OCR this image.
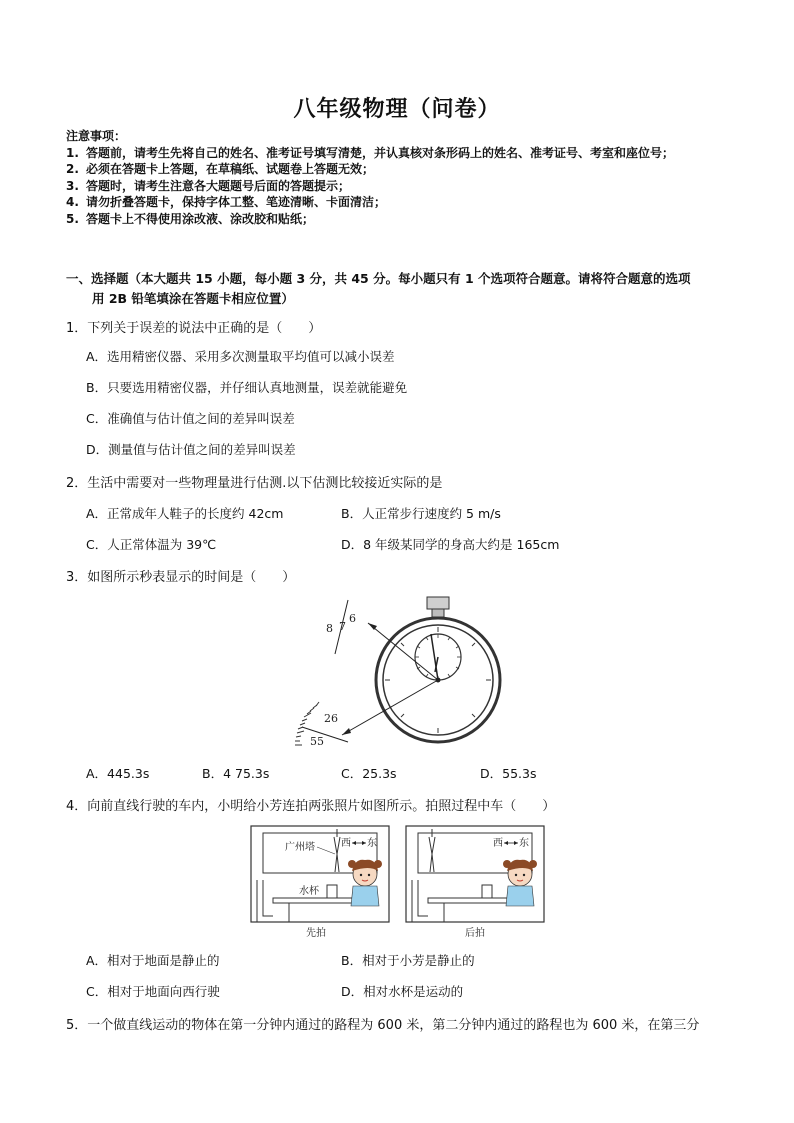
八年级物理（问卷）
注意事项：
1. 答题前，请考生先将自己的姓名、准考证号填写清楚，并认真核对条形码上的姓名、准考证号、考室和座位号；
2. 必须在答题卡上答题，在草稿纸、试题卷上答题无效；
3. 答题时，请考生注意各大题题号后面的答题提示；
4. 请勿折叠答题卡，保持字体工整、笔迹清晰、卡面清洁；
5. 答题卡上不得使用涂改液、涂改胶和贴纸；
一、选择题（本大题共 15 小题，每小题 3 分，共 45 分。每小题只有 1 个选项符合题意。请将符合题意的选项
用 2B 铅笔填涂在答题卡相应位置）
1．下列关于误差的说法中正确的是（　　）
A．选用精密仪器、采用多次测量取平均值可以减小误差
B．只要选用精密仪器，并仔细认真地测量，误差就能避免
C．准确值与估计值之间的差异叫误差
D．测量值与估计值之间的差异叫误差
2．生活中需要对一些物理量进行估测.以下估测比较接近实际的是
A．正常成年人鞋子的长度约 42cm	B．人正常步行速度约 5 m/s
C．人正常体温为 39℃	D．8 年级某同学的身高大约是 165cm
3．如图所示秒表显示的时间是（　　）
8 7
6
26
55
A．445.3s	B．4 75.3s	C．25.3s	D．55.3s
4．向前直线行驶的车内，小明给小芳连拍两张照片如图所示。拍照过程中车（　　）
广州塔	西 东
水杯
先拍
西 东
后拍
A．相对于地面是静止的	B．相对于小芳是静止的
C．相对于地面向西行驶	D．相对水杯是运动的
5．一个做直线运动的物体在第一分钟内通过的路程为 600 米，第二分钟内通过的路程也为 600 米，在第三分
